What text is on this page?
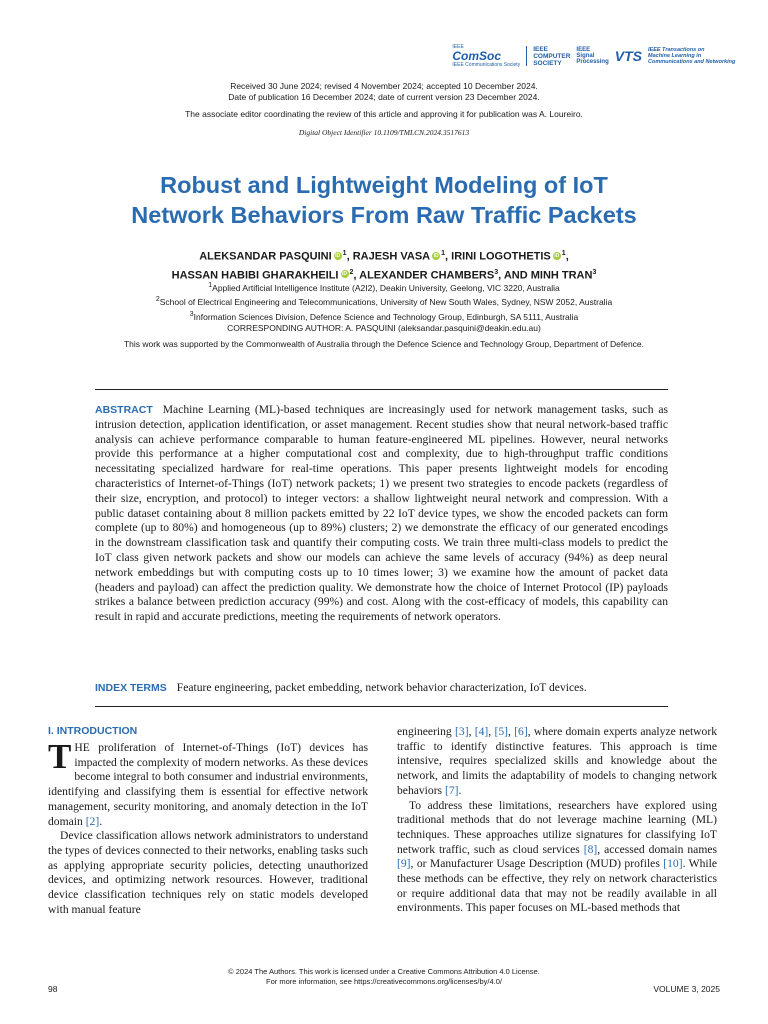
IEEE
ComSoc
IEEE Communications Society
IEEE
COMPUTER
SOCIETY
IEEE
Signal
Processing VTS IEEE Transactions on
Machine Learning in
Communications and Networking
Received 30 June 2024; revised 4 November 2024; accepted 10 December 2024.
Date of publication 16 December 2024; date of current version 23 December 2024.
The associate editor coordinating the review of this article and approving it for publication was A. Loureiro.
Digital Object Identifier 10.1109/TMLCN.2024.3517613
Robust and Lightweight Modeling of IoT
Network Behaviors From Raw Traffic Packets
ALEKSANDAR PASQUINI iD $^1$, RAJESH VASA iD $^1$, IRINI LOGOTHETIS iD $^1$,
HASSAN HABIBI GHARAKHEILI iD $^2$, ALEXANDER CHAMBERS$^3$, AND MINH TRAN$^3$
$^1$Applied Artificial Intelligence Institute (A2I2), Deakin University, Geelong, VIC 3220, Australia
$^2$School of Electrical Engineering and Telecommunications, University of New South Wales, Sydney, NSW 2052, Australia
$^3$Information Sciences Division, Defence Science and Technology Group, Edinburgh, SA 5111, Australia
CORRESPONDING AUTHOR: A. PASQUINI (aleksandar.pasquini@deakin.edu.au)
This work was supported by the Commonwealth of Australia through the Defence Science and Technology Group, Department of Defence.
ABSTRACT Machine Learning (ML)-based techniques are increasingly used for network management tasks, such as intrusion detection, application identification, or asset management. Recent studies show that neural network-based traffic analysis can achieve performance comparable to human feature-engineered ML pipelines. However, neural networks provide this performance at a higher computational cost and complexity, due to high-throughput traffic conditions necessitating specialized hardware for real-time operations. This paper presents lightweight models for encoding characteristics of Internet-of-Things (IoT) network packets; 1) we present two strategies to encode packets (regardless of their size, encryption, and protocol) to integer vectors: a shallow lightweight neural network and compression. With a public dataset containing about 8 million packets emitted by 22 IoT device types, we show the encoded packets can form complete (up to 80%) and homogeneous (up to 89%) clusters; 2) we demonstrate the efficacy of our generated encodings in the downstream classification task and quantify their computing costs. We train three multi-class models to predict the IoT class given network packets and show our models can achieve the same levels of accuracy (94%) as deep neural network embeddings but with computing costs up to 10 times lower; 3) we examine how the amount of packet data (headers and payload) can affect the prediction quality. We demonstrate how the choice of Internet Protocol (IP) payloads strikes a balance between prediction accuracy (99%) and cost. Along with the cost-efficacy of models, this capability can result in rapid and accurate predictions, meeting the requirements of network operators.
INDEX TERMS Feature engineering, packet embedding, network behavior characterization, IoT devices.
I. INTRODUCTION

THE proliferation of Internet-of-Things (IoT) devices has impacted the complexity of modern networks. As these devices become integral to both consumer and industrial environments, identifying and classifying them is essential for effective network management, security monitoring, and anomaly detection in the IoT domain [2].

Device classification allows network administrators to understand the types of devices connected to their networks, enabling tasks such as applying appropriate security policies, detecting unauthorized devices, and optimizing network resources. However, traditional device classification techniques rely on static models developed with manual feature

engineering [3], [4], [5], [6], where domain experts analyze network traffic to identify distinctive features. This approach is time intensive, requires specialized skills and knowledge about the network, and limits the adaptability of models to changing network behaviors [7].

To address these limitations, researchers have explored using traditional methods that do not leverage machine learning (ML) techniques. These approaches utilize signatures for classifying IoT network traffic, such as cloud services [8], accessed domain names [9], or Manufacturer Usage Description (MUD) profiles [10]. While these methods can be effective, they rely on network characteristics or require additional data that may not be readily available in all environments. This paper focuses on ML-based methods that

© 2024 The Authors. This work is licensed under a Creative Commons Attribution 4.0 License.
For more information, see https://creativecommons.org/licenses/by/4.0/
98	VOLUME 3, 2025
